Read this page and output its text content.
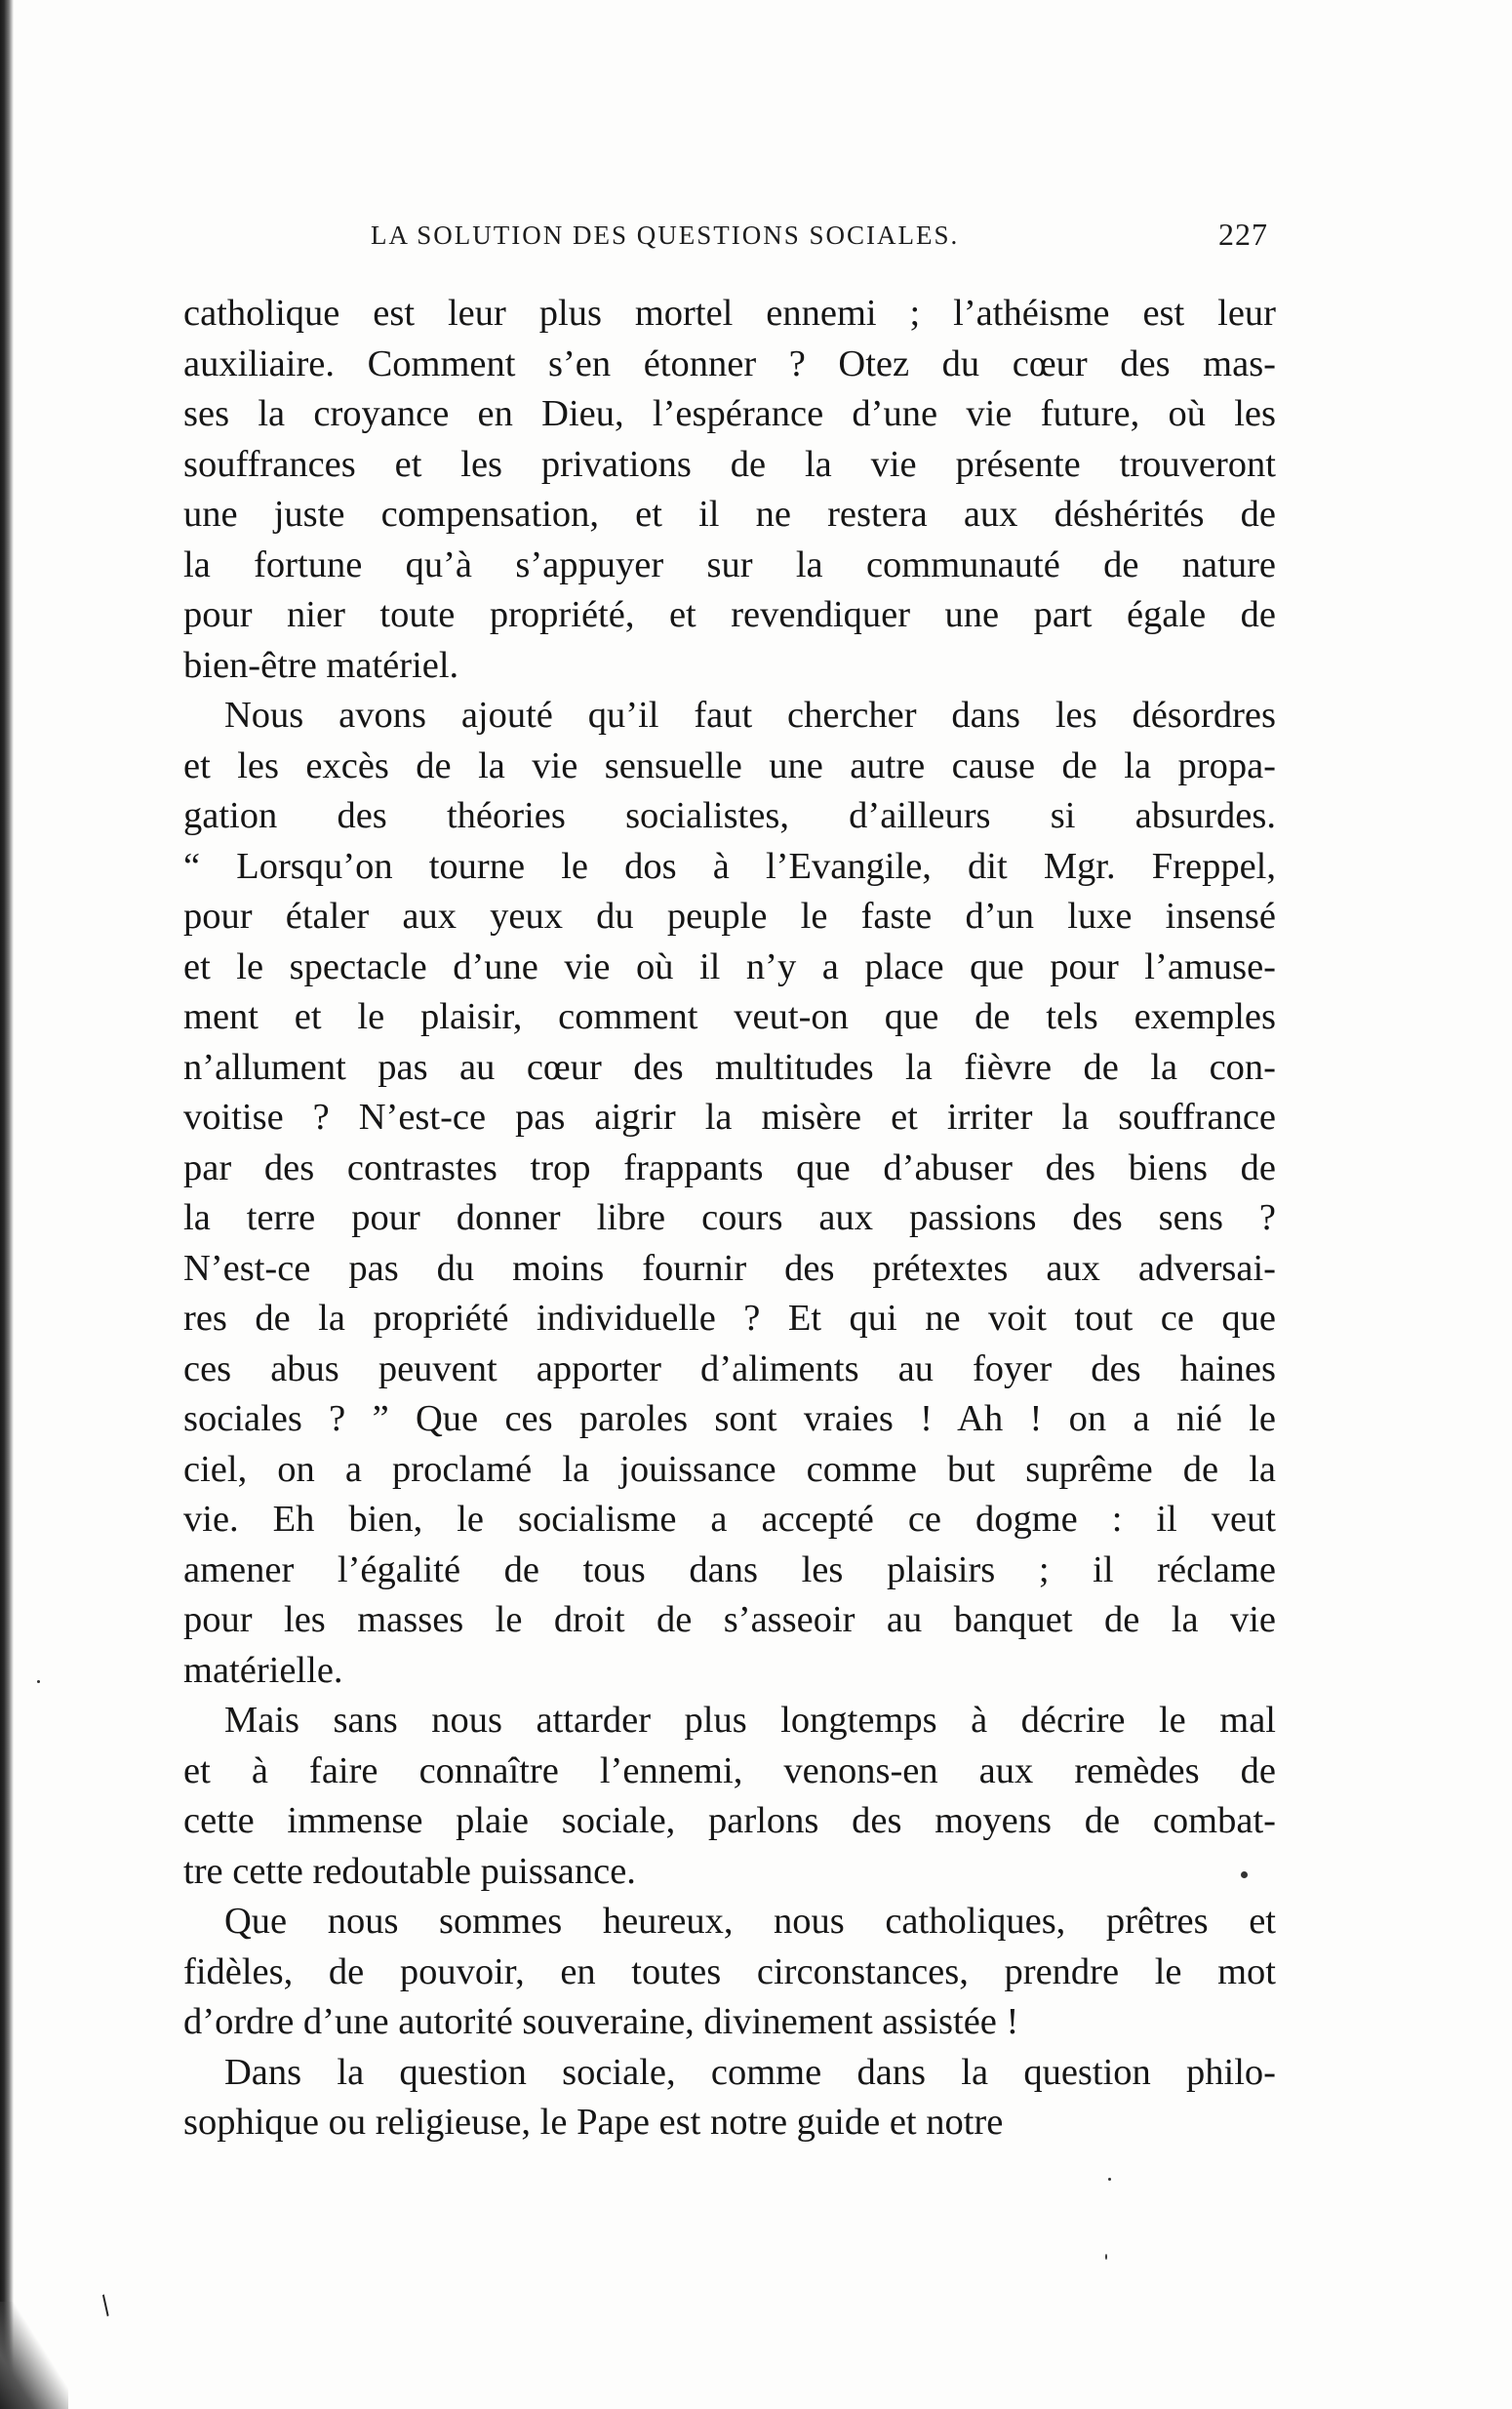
LA SOLUTION DES QUESTIONS SOCIALES.	227
catholique est leur plus mortel ennemi ; l’athéisme est leur
auxiliaire. Comment s’en étonner ? Otez du cœur des mas-
ses la croyance en Dieu, l’espérance d’une vie future, où les
souffrances et les privations de la vie présente trouveront
une juste compensation, et il ne restera aux déshérités de
la fortune qu’à s’appuyer sur la communauté de nature
pour nier toute propriété, et revendiquer une part égale de
bien-être matériel.
Nous avons ajouté qu’il faut chercher dans les désordres
et les excès de la vie sensuelle une autre cause de la propa-
gation des théories socialistes, d’ailleurs si absurdes.
“ Lorsqu’on tourne le dos à l’Evangile, dit Mgr. Freppel,
pour étaler aux yeux du peuple le faste d’un luxe insensé
et le spectacle d’une vie où il n’y a place que pour l’amuse-
ment et le plaisir, comment veut-on que de tels exemples
n’allument pas au cœur des multitudes la fièvre de la con-
voitise ? N’est-ce pas aigrir la misère et irriter la souffrance
par des contrastes trop frappants que d’abuser des biens de
la terre pour donner libre cours aux passions des sens ?
N’est-ce pas du moins fournir des prétextes aux adversai-
res de la propriété individuelle ? Et qui ne voit tout ce que
ces abus peuvent apporter d’aliments au foyer des haines
sociales ? ” Que ces paroles sont vraies ! Ah ! on a nié le
ciel, on a proclamé la jouissance comme but suprême de la
vie. Eh bien, le socialisme a accepté ce dogme : il veut
amener l’égalité de tous dans les plaisirs ; il réclame
pour les masses le droit de s’asseoir au banquet de la vie
matérielle.
Mais sans nous attarder plus longtemps à décrire le mal
et à faire connaître l’ennemi, venons-en aux remèdes de
cette immense plaie sociale, parlons des moyens de combat-
tre cette redoutable puissance.
Que nous sommes heureux, nous catholiques, prêtres et
fidèles, de pouvoir, en toutes circonstances, prendre le mot
d’ordre d’une autorité souveraine, divinement assistée !
Dans la question sociale, comme dans la question philo-
sophique ou religieuse, le Pape est notre guide et notre
/
